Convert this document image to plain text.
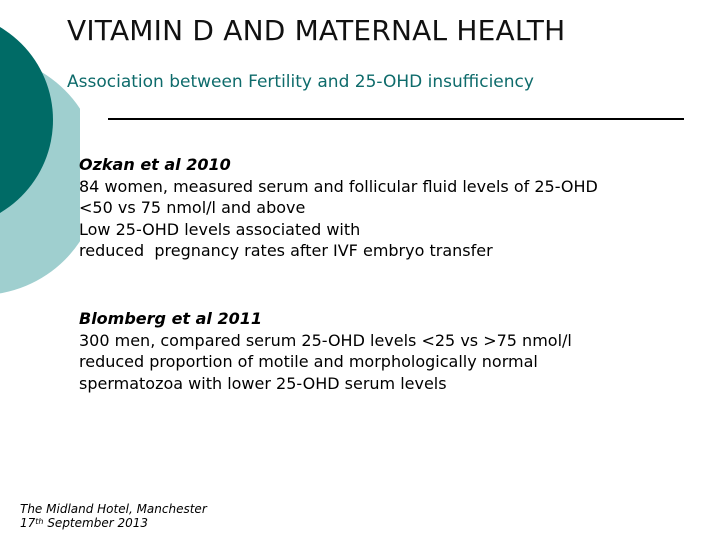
VITAMIN D AND MATERNAL HEALTH
Association between Fertility and 25-OHD insufficiency
Ozkan et al 2010
84 women, measured serum and follicular fluid levels of 25-OHD
<50 vs 75 nmol/l and above
Low 25-OHD levels associated with
reduced  pregnancy rates after IVF embryo transfer
Blomberg et al 2011
300 men, compared serum 25-OHD levels <25 vs >75 nmol/l
reduced proportion of motile and morphologically normal
spermatozoa with lower 25-OHD serum levels
The Midland Hotel, Manchester
17th September 2013
